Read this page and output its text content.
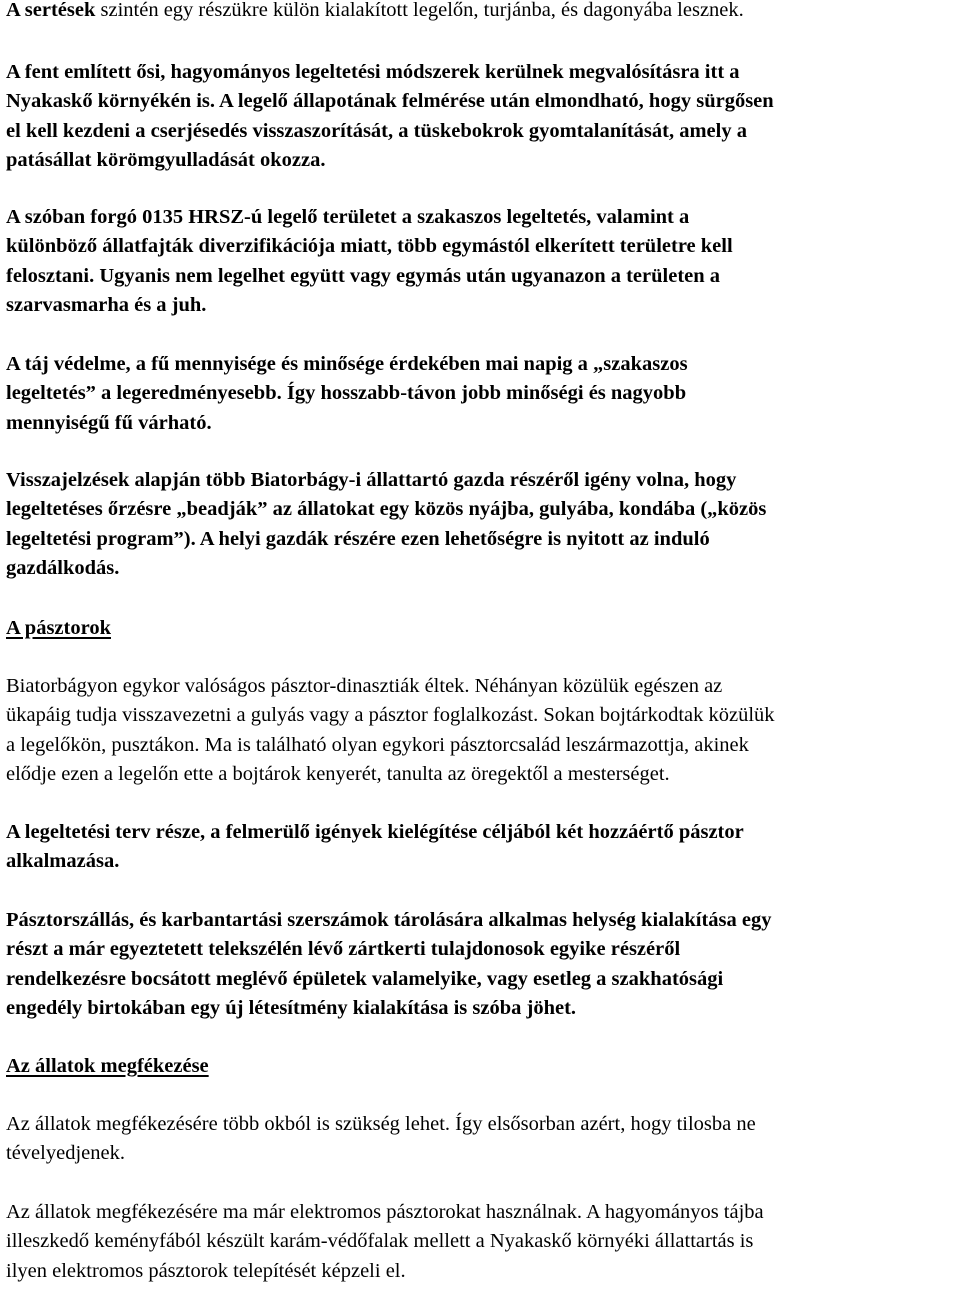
A sertések szintén egy részükre külön kialakított legelőn, turjánba, és dagonyába lesznek.

A fent említett ősi, hagyományos legeltetési módszerek kerülnek megvalósításra itt a
Nyakaskő környékén is. A legelő állapotának felmérése után elmondható, hogy sürgősen
el kell kezdeni a cserjésedés visszaszorítását, a tüskebokrok gyomtalanítását, amely a
patásállat körömgyulladását okozza.

A szóban forgó 0135 HRSZ-ú legelő területet a szakaszos legeltetés, valamint a
különböző állatfajták diverzifikációja miatt, több egymástól elkerített területre kell
felosztani. Ugyanis nem legelhet együtt vagy egymás után ugyanazon a területen a
szarvasmarha és a juh.

A táj védelme, a fű mennyisége és minősége érdekében mai napig a „szakaszos
legeltetés” a legeredményesebb. Így hosszabb-távon jobb minőségi és nagyobb
mennyiségű fű várható.

Visszajelzések alapján több Biatorbágy-i állattartó gazda részéről igény volna, hogy
legeltetéses őrzésre „beadják” az állatokat egy közös nyájba, gulyába, kondába („közös
legeltetési program”). A helyi gazdák részére ezen lehetőségre is nyitott az induló
gazdálkodás.

A pásztorok

Biatorbágyon egykor valóságos pásztor-dinasztiák éltek. Néhányan közülük egészen az
ükapáig tudja visszavezetni a gulyás vagy a pásztor foglalkozást. Sokan bojtárkodtak közülük
a legelőkön, pusztákon. Ma is található olyan egykori pásztorcsalád leszármazottja, akinek
elődje ezen a legelőn ette a bojtárok kenyerét, tanulta az öregektől a mesterséget.

A legeltetési terv része, a felmerülő igények kielégítése céljából két hozzáértő pásztor
alkalmazása.

Pásztorszállás, és karbantartási szerszámok tárolására alkalmas helység kialakítása egy
részt a már egyeztetett telekszélén lévő zártkerti tulajdonosok egyike részéről
rendelkezésre bocsátott meglévő épületek valamelyike, vagy esetleg a szakhatósági
engedély birtokában egy új létesítmény kialakítása is szóba jöhet.

Az állatok megfékezése

Az állatok megfékezésére több okból is szükség lehet. Így elsősorban azért, hogy tilosba ne
tévelyedjenek.

Az állatok megfékezésére ma már elektromos pásztorokat használnak. A hagyományos tájba
illeszkedő keményfából készült karám-védőfalak mellett a Nyakaskő környéki állattartás is
ilyen elektromos pásztorok telepítését képzeli el.
